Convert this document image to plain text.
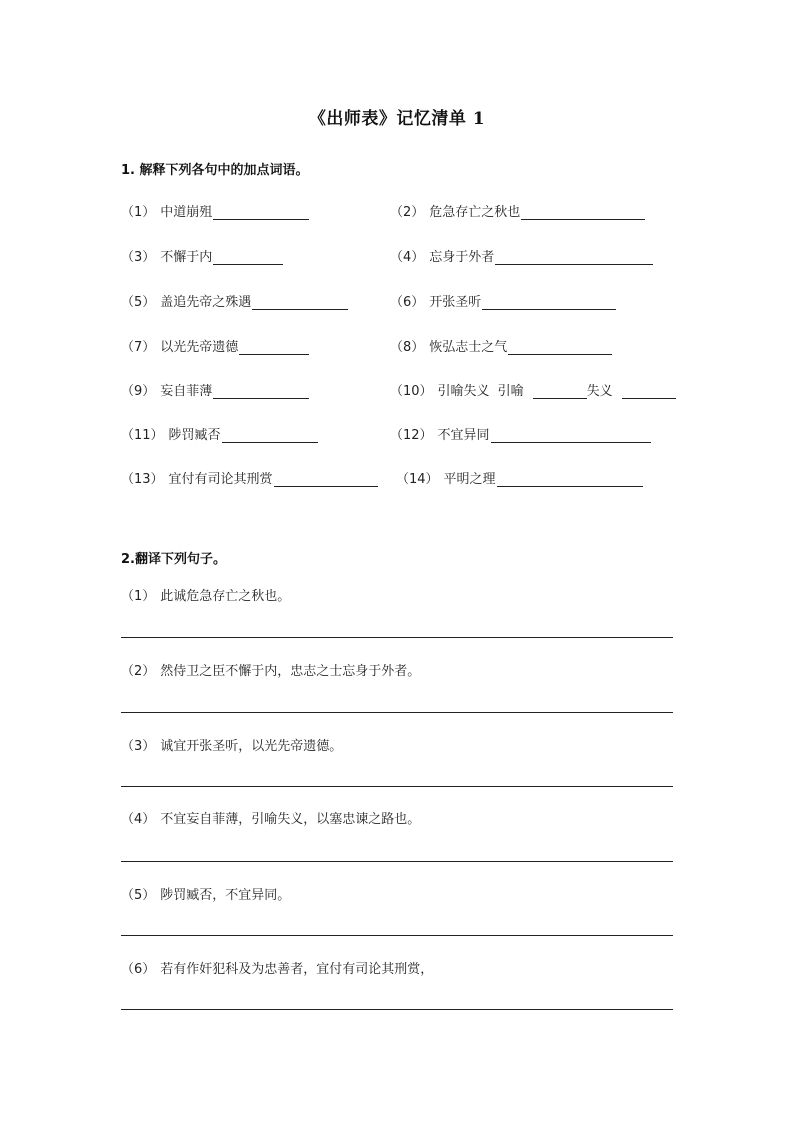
《出师表》记忆清单 1
1. 解释下列各句中的加点词语。
（1） 中道崩殂	（2） 危急存亡之秋也
（3） 不懈于内	（4） 忘身于外者
（5） 盖追先帝之殊遇	（6） 开张圣听
（7） 以光先帝遗德	（8） 恢弘志士之气
（9） 妄自菲薄	（10） 引喻失义 引喻	失义
（11） 陟罚臧否	（12） 不宜异同
（13） 宜付有司论其刑赏	（14） 平明之理
2.翻译下列句子。
（1） 此诚危急存亡之秋也。
（2） 然侍卫之臣不懈于内，忠志之士忘身于外者。
（3） 诚宜开张圣听，以光先帝遗德。
（4） 不宜妄自菲薄，引喻失义，以塞忠谏之路也。
（5） 陟罚臧否，不宜异同。
（6） 若有作奸犯科及为忠善者，宜付有司论其刑赏，
